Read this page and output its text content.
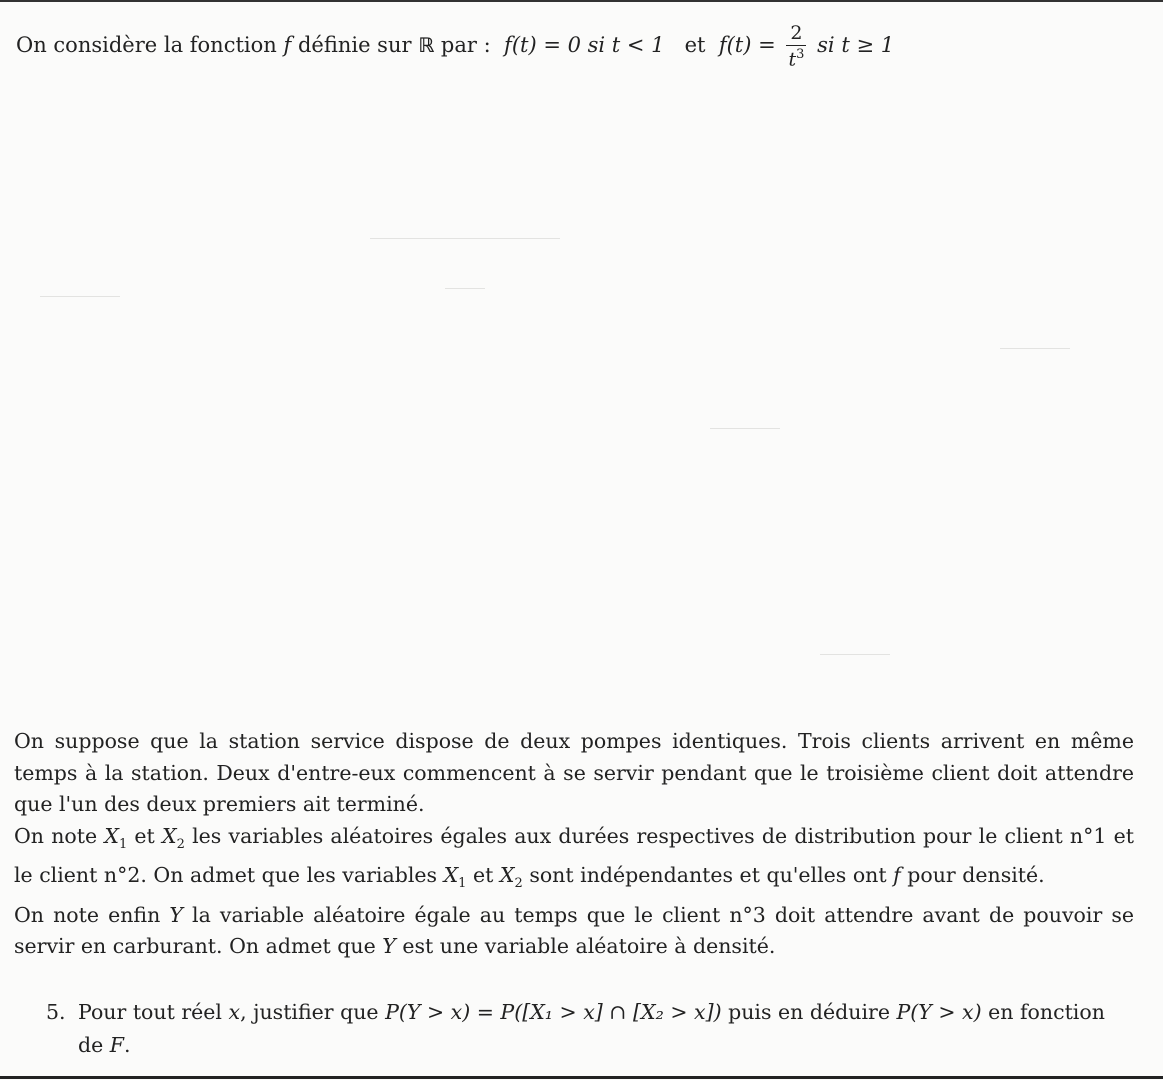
On considère la fonction f définie sur ℝ par : f(t) = 0 si t < 1 et $f(t) = \frac{2}{t^3}$ si t ≥ 1

On suppose que la station service dispose de deux pompes identiques. Trois clients arrivent en même temps à la station. Deux d'entre-eux commencent à se servir pendant que le troisième client doit attendre que l'un des deux premiers ait terminé.

On note $X_1$ et $X_2$ les variables aléatoires égales aux durées respectives de distribution pour le client n°1 et le client n°2. On admet que les variables $X_1$ et $X_2$ sont indépendantes et qu'elles ont f pour densité.

On note enfin Y la variable aléatoire égale au temps que le client n°3 doit attendre avant de pouvoir se servir en carburant. On admet que Y est une variable aléatoire à densité.

5. Pour tout réel x, justifier que P(Y > x) = P([X₁ > x] ∩ [X₂ > x]) puis en déduire P(Y > x) en fonction de F.
